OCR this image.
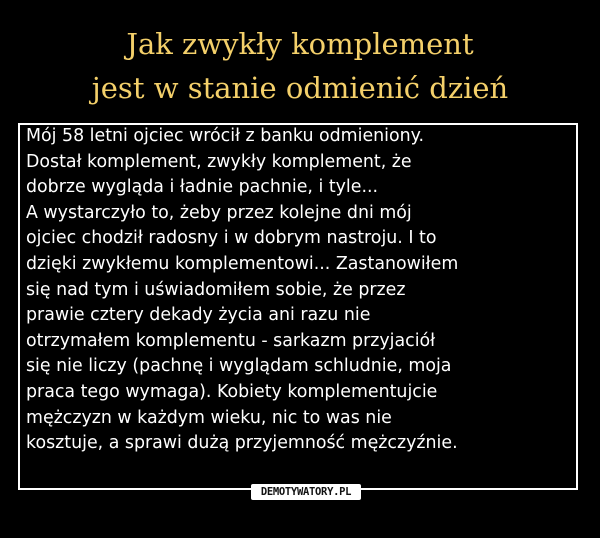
Jak zwykły komplement
jest w stanie odmienić dzień
Mój 58 letni ojciec wrócił z banku odmieniony.
Dostał komplement, zwykły komplement, że
dobrze wygląda i ładnie pachnie, i tyle...
A wystarczyło to, żeby przez kolejne dni mój
ojciec chodził radosny i w dobrym nastroju. I to
dzięki zwykłemu komplementowi... Zastanowiłem
się nad tym i uświadomiłem sobie, że przez
prawie cztery dekady życia ani razu nie
otrzymałem komplementu - sarkazm przyjaciół
się nie liczy (pachnę i wyglądam schludnie, moja
praca tego wymaga). Kobiety komplementujcie
mężczyzn w każdym wieku, nic to was nie
kosztuje, a sprawi dużą przyjemność mężczyźnie.
DEMOTYWATORY.PL
